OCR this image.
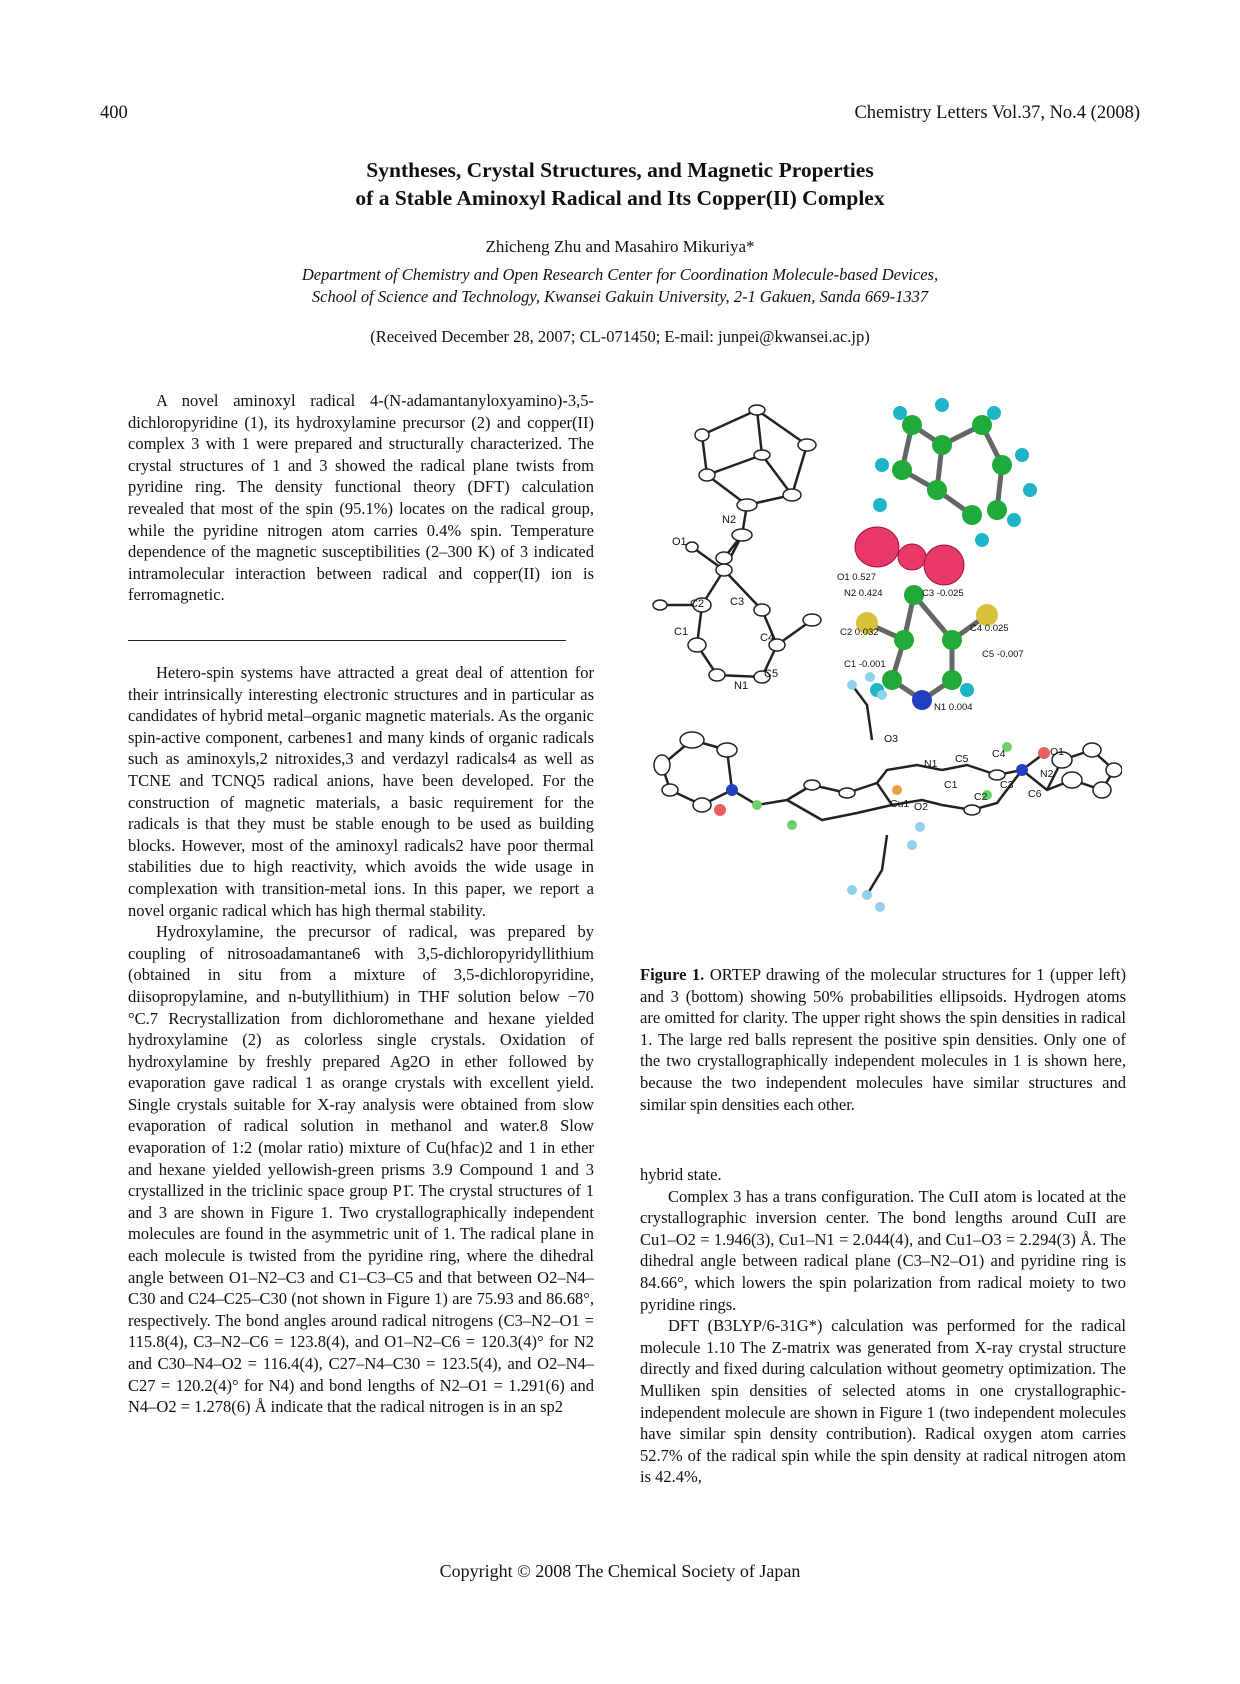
400	Chemistry Letters Vol.37, No.4 (2008)
Syntheses, Crystal Structures, and Magnetic Properties
of a Stable Aminoxyl Radical and Its Copper(II) Complex
Zhicheng Zhu and Masahiro Mikuriya*
Department of Chemistry and Open Research Center for Coordination Molecule-based Devices,
School of Science and Technology, Kwansei Gakuin University, 2-1 Gakuen, Sanda 669-1337
(Received December 28, 2007; CL-071450; E-mail: junpei@kwansei.ac.jp)

A novel aminoxyl radical 4-(N-adamantanyloxyamino)-3,5-dichloropyridine (1), its hydroxylamine precursor (2) and copper(II) complex 3 with 1 were prepared and structurally characterized. The crystal structures of 1 and 3 showed the radical plane twists from pyridine ring. The density functional theory (DFT) calculation revealed that most of the spin (95.1%) locates on the radical group, while the pyridine nitrogen atom carries 0.4% spin. Temperature dependence of the magnetic susceptibilities (2–300 K) of 3 indicated intramolecular interaction between radical and copper(II) ion is ferromagnetic.

Hetero-spin systems have attracted a great deal of attention for their intrinsically interesting electronic structures and in particular as candidates of hybrid metal–organic magnetic materials. As the organic spin-active component, carbenes1 and many kinds of organic radicals such as aminoxyls,2 nitroxides,3 and verdazyl radicals4 as well as TCNE and TCNQ5 radical anions, have been developed. For the construction of magnetic materials, a basic requirement for the radicals is that they must be stable enough to be used as building blocks. However, most of the aminoxyl radicals2 have poor thermal stabilities due to high reactivity, which avoids the wide usage in complexation with transition-metal ions. In this paper, we report a novel organic radical which has high thermal stability.

Hydroxylamine, the precursor of radical, was prepared by coupling of nitrosoadamantane6 with 3,5-dichloropyridyllithium (obtained in situ from a mixture of 3,5-dichloropyridine, diisopropylamine, and n-butyllithium) in THF solution below −70 °C.7 Recrystallization from dichloromethane and hexane yielded hydroxylamine (2) as colorless single crystals. Oxidation of hydroxylamine by freshly prepared Ag2O in ether followed by evaporation gave radical 1 as orange crystals with excellent yield. Single crystals suitable for X-ray analysis were obtained from slow evaporation of radical solution in methanol and water.8 Slow evaporation of 1:2 (molar ratio) mixture of Cu(hfac)2 and 1 in ether and hexane yielded yellowish-green prisms 3.9 Compound 1 and 3 crystallized in the triclinic space group P1̄. The crystal structures of 1 and 3 are shown in Figure 1. Two crystallographically independent molecules are found in the asymmetric unit of 1. The radical plane in each molecule is twisted from the pyridine ring, where the dihedral angle between O1–N2–C3 and C1–C3–C5 and that between O2–N4–C30 and C24–C25–C30 (not shown in Figure 1) are 75.93 and 86.68°, respectively. The bond angles around radical nitrogens (C3–N2–O1 = 115.8(4), C3–N2–C6 = 123.8(4), and O1–N2–C6 = 120.3(4)° for N2 and C30–N4–O2 = 116.4(4), C27–N4–C30 = 123.5(4), and O2–N4–C27 = 120.2(4)° for N4) and bond lengths of N2–O1 = 1.291(6) and N4–O2 = 1.278(6) Å indicate that the radical nitrogen is in an sp2

O1
N2
C2 C3
C4
C1
C5
N1
O1 0.527
N2 0.424	C3 -0.025
C2 0.032	C4 0.025
C5 -0.007
C1 -0.001
N1 0.004
O3
C5 C4	O1
N1
N2
C1	C3
Cu1
C2
O2
C6
Figure 1. ORTEP drawing of the molecular structures for 1 (upper left) and 3 (bottom) showing 50% probabilities ellipsoids. Hydrogen atoms are omitted for clarity. The upper right shows the spin densities in radical 1. The large red balls represent the positive spin densities. Only one of the two crystallographically independent molecules in 1 is shown here, because the two independent molecules have similar structures and similar spin densities each other.
hybrid state.

Complex 3 has a trans configuration. The CuII atom is located at the crystallographic inversion center. The bond lengths around CuII are Cu1–O2 = 1.946(3), Cu1–N1 = 2.044(4), and Cu1–O3 = 2.294(3) Å. The dihedral angle between radical plane (C3–N2–O1) and pyridine ring is 84.66°, which lowers the spin polarization from radical moiety to two pyridine rings.

DFT (B3LYP/6-31G*) calculation was performed for the radical molecule 1.10 The Z-matrix was generated from X-ray crystal structure directly and fixed during calculation without geometry optimization. The Mulliken spin densities of selected atoms in one crystallographic-independent molecule are shown in Figure 1 (two independent molecules have similar spin density contribution). Radical oxygen atom carries 52.7% of the radical spin while the spin density at radical nitrogen atom is 42.4%,

Copyright © 2008 The Chemical Society of Japan
